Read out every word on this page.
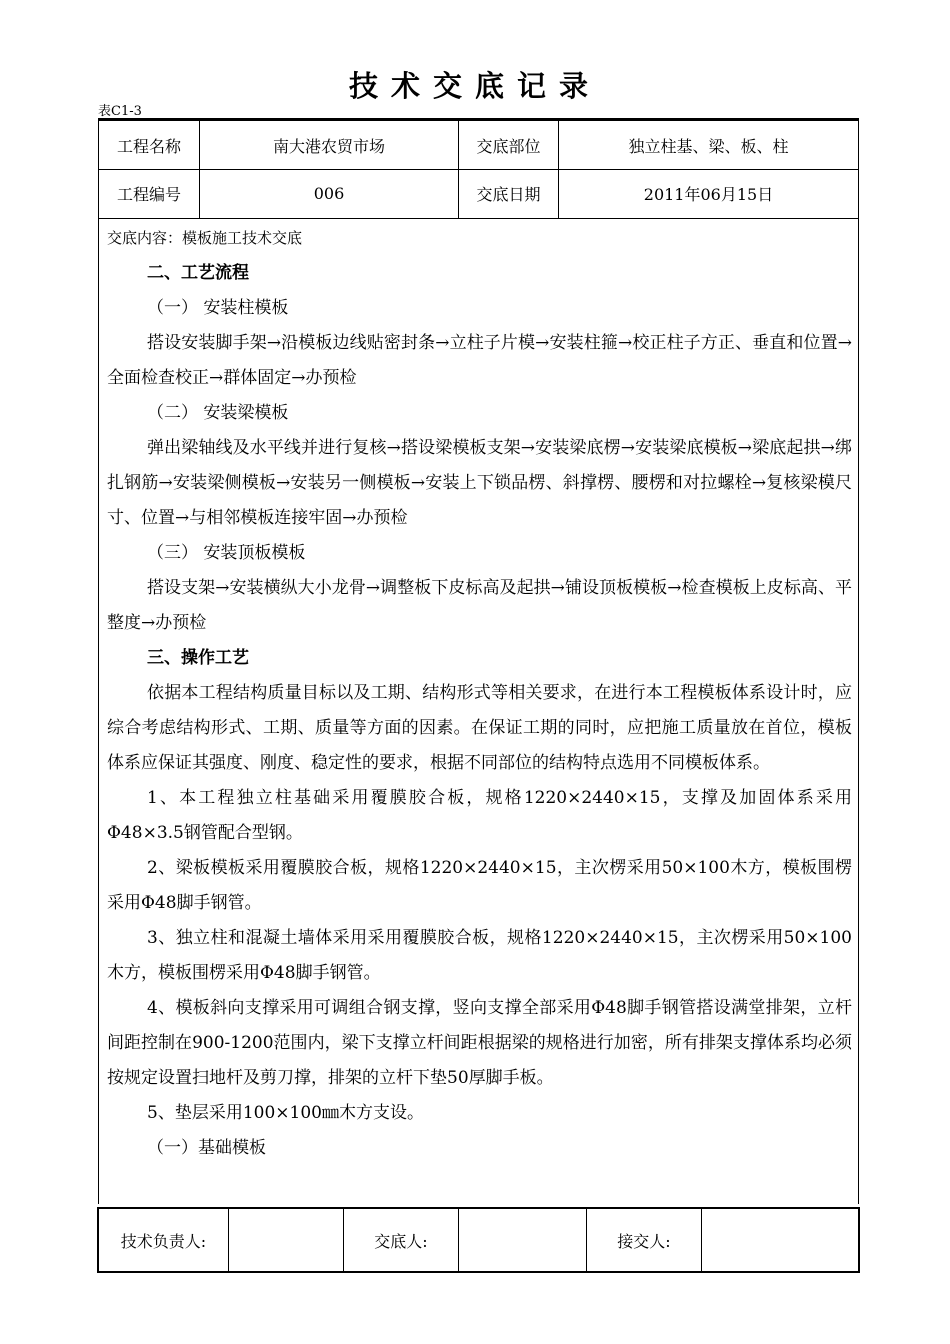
技术交底记录
表C1-3
工程名称	南大港农贸市场	交底部位	独立柱基、梁、板、柱
工程编号	006	交底日期	2011年06月15日
交底内容：模板施工技术交底

二、工艺流程

（一） 安装柱模板

搭设安装脚手架→沿模板边线贴密封条→立柱子片模→安装柱箍→校正柱子方正、垂直和位置→全面检查校正→群体固定→办预检

（二） 安装梁模板

弹出梁轴线及水平线并进行复核→搭设梁模板支架→安装梁底楞→安装梁底模板→梁底起拱→绑扎钢筋→安装梁侧模板→安装另一侧模板→安装上下锁品楞、斜撑楞、腰楞和对拉螺栓→复核梁模尺寸、位置→与相邻模板连接牢固→办预检

（三） 安装顶板模板

搭设支架→安装横纵大小龙骨→调整板下皮标高及起拱→铺设顶板模板→检查模板上皮标高、平整度→办预检

三、操作工艺

依据本工程结构质量目标以及工期、结构形式等相关要求，在进行本工程模板体系设计时，应综合考虑结构形式、工期、质量等方面的因素。在保证工期的同时，应把施工质量放在首位，模板体系应保证其强度、刚度、稳定性的要求，根据不同部位的结构特点选用不同模板体系。

1、本工程独立柱基础采用覆膜胶合板，规格1220×2440×15，支撑及加固体系采用Φ48×3.5钢管配合型钢。

2、梁板模板采用覆膜胶合板，规格1220×2440×15，主次楞采用50×100木方，模板围楞采用Φ48脚手钢管。

3、独立柱和混凝土墙体采用采用覆膜胶合板，规格1220×2440×15，主次楞采用50×100木方，模板围楞采用Φ48脚手钢管。

4、模板斜向支撑采用可调组合钢支撑，竖向支撑全部采用Φ48脚手钢管搭设满堂排架，立杆间距控制在900-1200范围内，梁下支撑立杆间距根据梁的规格进行加密，所有排架支撑体系均必须按规定设置扫地杆及剪刀撑，排架的立杆下垫50厚脚手板。

5、垫层采用100×100㎜木方支设。

（一）基础模板

技术负责人:	交底人:	接交人:
